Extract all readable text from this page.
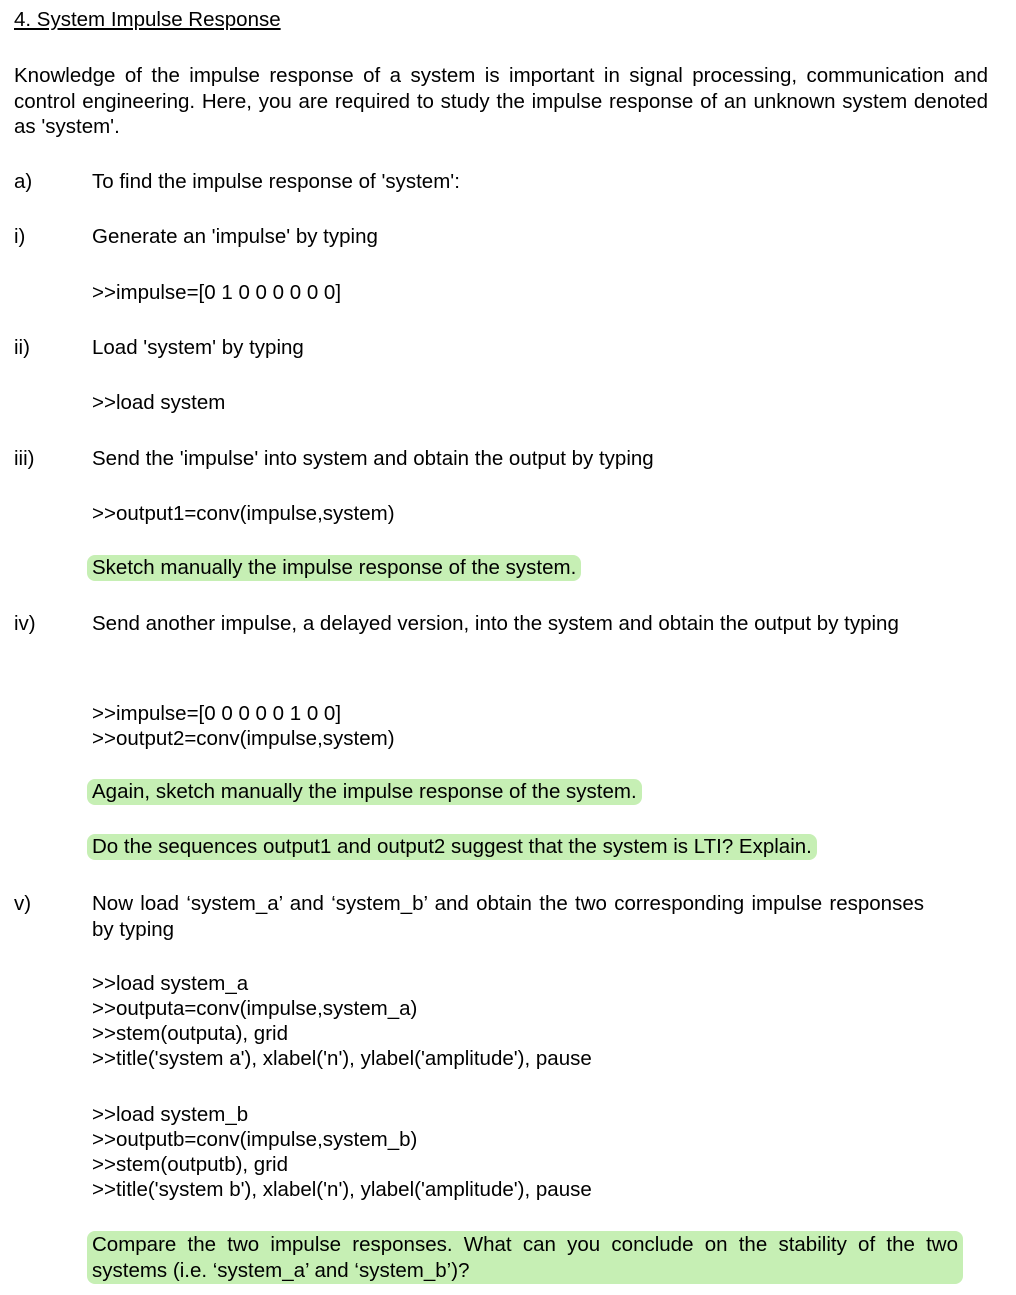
4. System Impulse Response
Knowledge of the impulse response of a system is important in signal processing, communication and control engineering. Here, you are required to study the impulse response of an unknown system denoted as 'system'.
a)	To find the impulse response of 'system':
i)	Generate an 'impulse' by typing
>>impulse=[0 1 0 0 0 0 0 0]
ii)	Load 'system' by typing
>>load system
iii)	Send the 'impulse' into system and obtain the output by typing
>>output1=conv(impulse,system)
Sketch manually the impulse response of the system.
iv)	Send another impulse, a delayed version, into the system and obtain the output by typing
>>impulse=[0 0 0 0 0 1 0 0]
>>output2=conv(impulse,system)
Again, sketch manually the impulse response of the system.
Do the sequences output1 and output2 suggest that the system is LTI? Explain.
v)	Now load ‘system_a’ and ‘system_b’ and obtain the two corresponding impulse responses by typing
>>load system_a
>>outputa=conv(impulse,system_a)
>>stem(outputa), grid
>>title('system a'), xlabel('n'), ylabel('amplitude'), pause
>>load system_b
>>outputb=conv(impulse,system_b)
>>stem(outputb), grid
>>title('system b'), xlabel('n'), ylabel('amplitude'), pause
Compare the two impulse responses. What can you conclude on the stability of the two systems (i.e. ‘system_a’ and ‘system_b’)?
